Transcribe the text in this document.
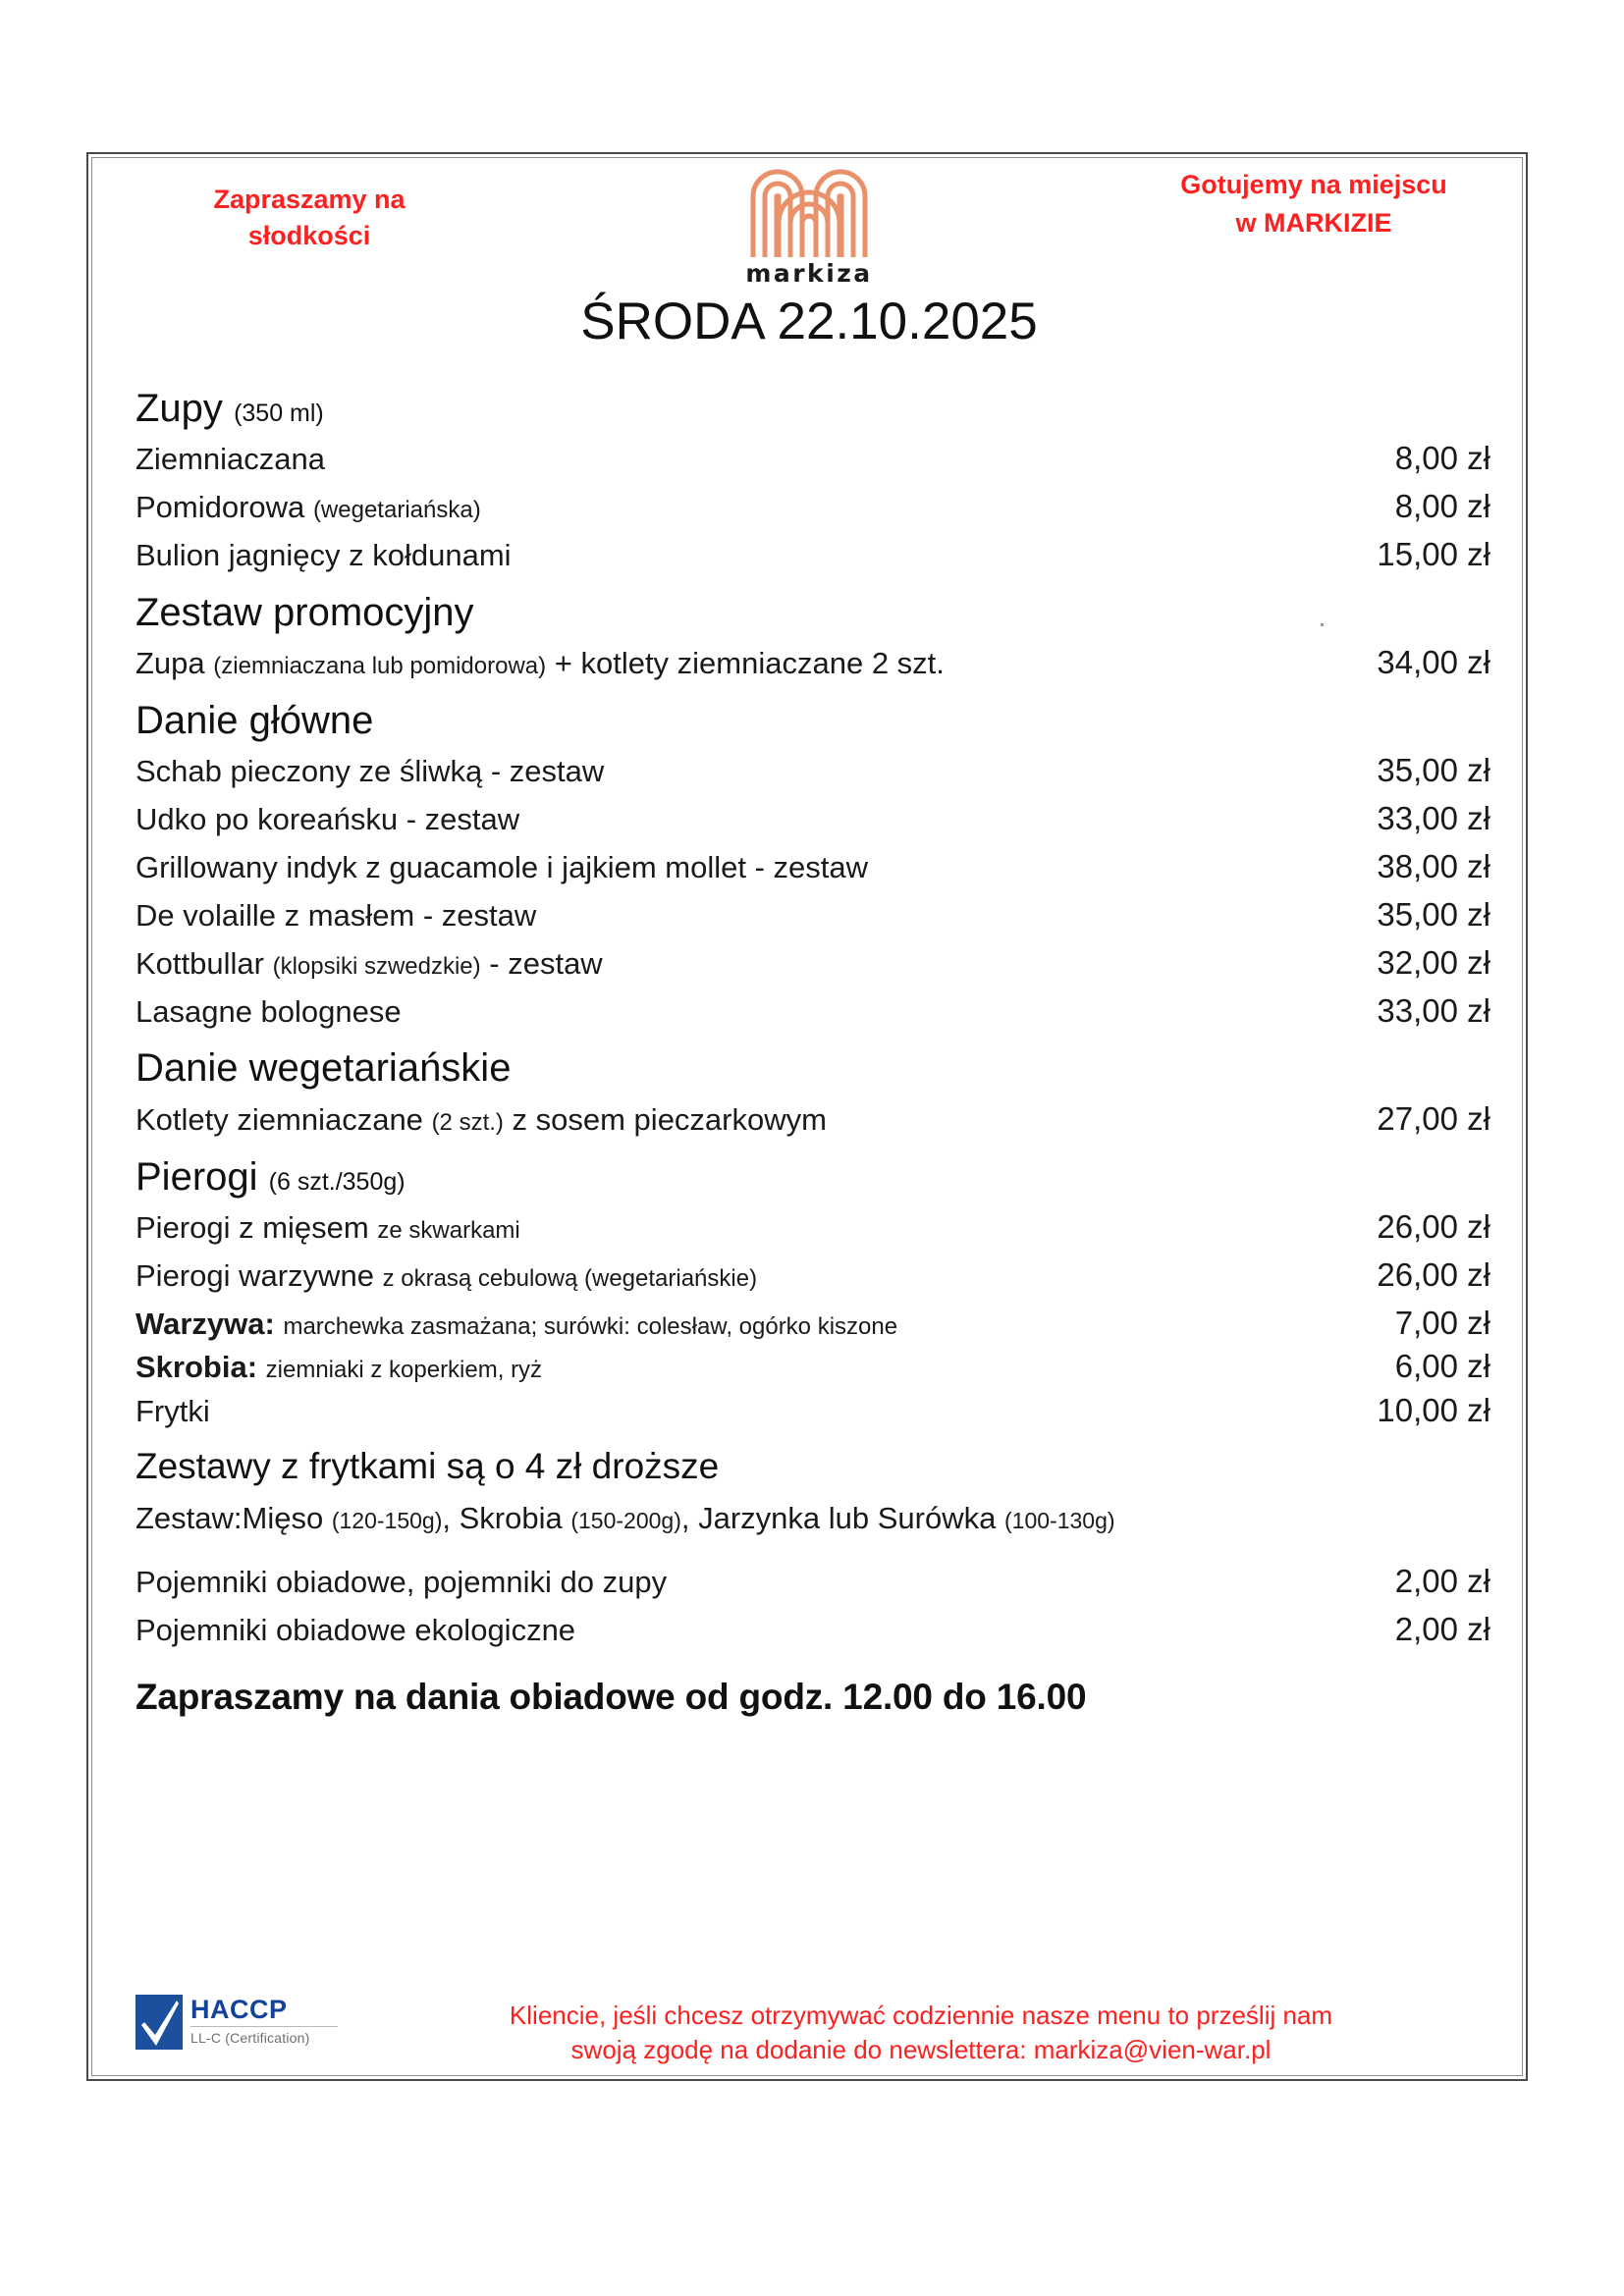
Zapraszamy na
słodkości
markiza
Gotujemy na miejscu
w MARKIZIE
ŚRODA 22.10.2025
Zupy (350 ml)
Ziemniaczana	8,00 zł
Pomidorowa (wegetariańska)	8,00 zł
Bulion jagnięcy z kołdunami	15,00 zł
Zestaw promocyjny
Zupa (ziemniaczana lub pomidorowa) + kotlety ziemniaczane 2 szt.	34,00 zł
Danie główne
Schab pieczony ze śliwką - zestaw	35,00 zł
Udko po koreańsku - zestaw	33,00 zł
Grillowany indyk z guacamole i jajkiem mollet - zestaw	38,00 zł
De volaille z masłem - zestaw	35,00 zł
Kottbullar (klopsiki szwedzkie) - zestaw	32,00 zł
Lasagne bolognese	33,00 zł
Danie wegetariańskie
Kotlety ziemniaczane (2 szt.) z sosem pieczarkowym	27,00 zł
Pierogi (6 szt./350g)
Pierogi z mięsem ze skwarkami	26,00 zł
Pierogi warzywne z okrasą cebulową (wegetariańskie)	26,00 zł
Warzywa: marchewka zasmażana; surówki: colesław, ogórko kiszone	7,00 zł
Skrobia: ziemniaki z koperkiem, ryż	6,00 zł
Frytki	10,00 zł
Zestawy z frytkami są o 4 zł droższe
Zestaw:Mięso (120-150g), Skrobia (150-200g), Jarzynka lub Surówka (100-130g)
Pojemniki obiadowe, pojemniki do zupy	2,00 zł
Pojemniki obiadowe ekologiczne	2,00 zł
Zapraszamy na dania obiadowe od godz. 12.00 do 16.00
HACCP
LL-C (Certification)
Kliencie, jeśli chcesz otrzymywać codziennie nasze menu to prześlij nam
swoją zgodę na dodanie do newslettera: markiza@vien-war.pl
